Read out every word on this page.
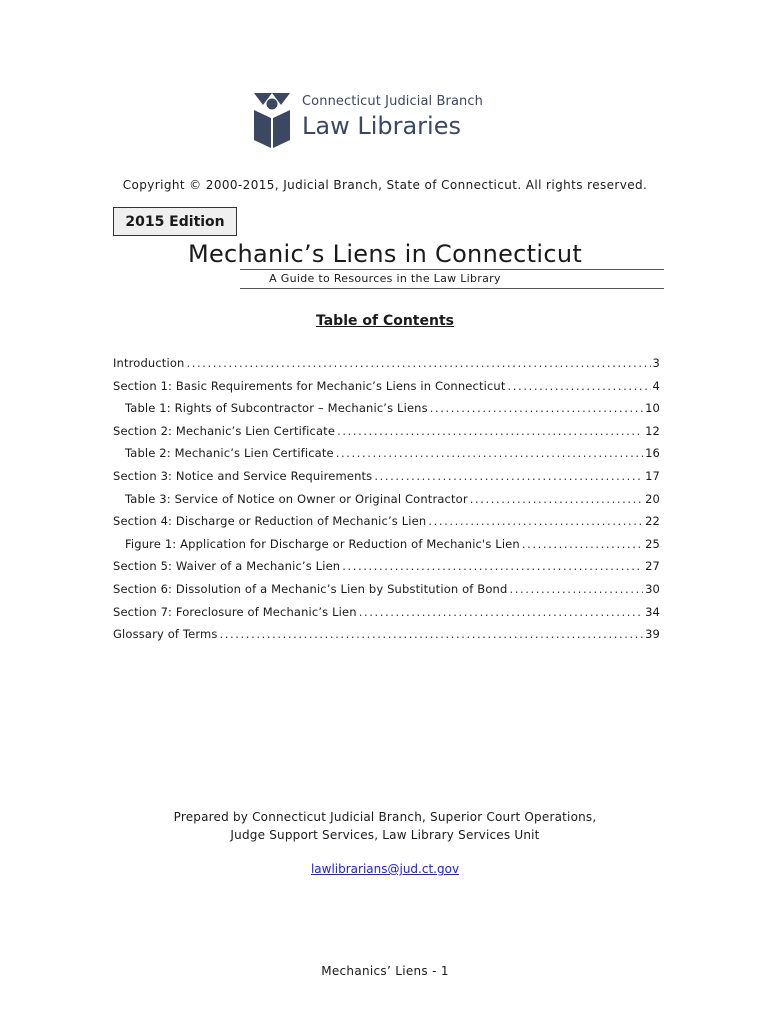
Connecticut Judicial Branch
Law Libraries
Copyright © 2000-2015, Judicial Branch, State of Connecticut. All rights reserved.
2015 Edition
Mechanic’s Liens in Connecticut
A Guide to Resources in the Law Library
Table of Contents
Introduction .....	3
Section 1: Basic Requirements for Mechanic’s Liens in Connecticut .....	4
Table 1: Rights of Subcontractor – Mechanic’s Liens .....	10
Section 2: Mechanic’s Lien Certificate .....	12
Table 2: Mechanic’s Lien Certificate .....	16
Section 3: Notice and Service Requirements .....	17
Table 3: Service of Notice on Owner or Original Contractor .....	20
Section 4: Discharge or Reduction of Mechanic’s Lien .....	22
Figure 1: Application for Discharge or Reduction of Mechanic's Lien .....	25
Section 5: Waiver of a Mechanic’s Lien .....	27
Section 6: Dissolution of a Mechanic’s Lien by Substitution of Bond .....	30
Section 7: Foreclosure of Mechanic’s Lien .....	34
Glossary of Terms .....	39
Prepared by Connecticut Judicial Branch, Superior Court Operations,
Judge Support Services, Law Library Services Unit
lawlibrarians@jud.ct.gov
Mechanics’ Liens - 1
